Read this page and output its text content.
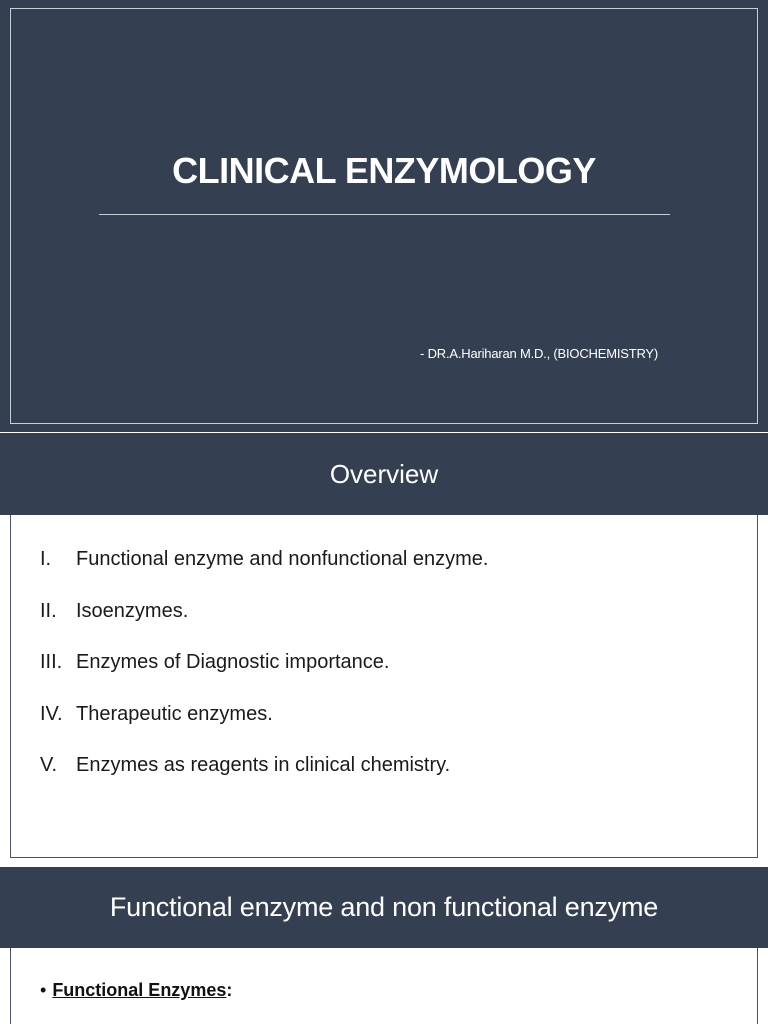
CLINICAL ENZYMOLOGY
- DR.A.Hariharan M.D., (BIOCHEMISTRY)
Overview
I.	Functional enzyme and nonfunctional enzyme.
II. Isoenzymes.
III. Enzymes of Diagnostic importance.
IV. Therapeutic enzymes.
V. Enzymes as reagents in clinical chemistry.
Functional enzyme and non functional enzyme
• Functional Enzymes:
